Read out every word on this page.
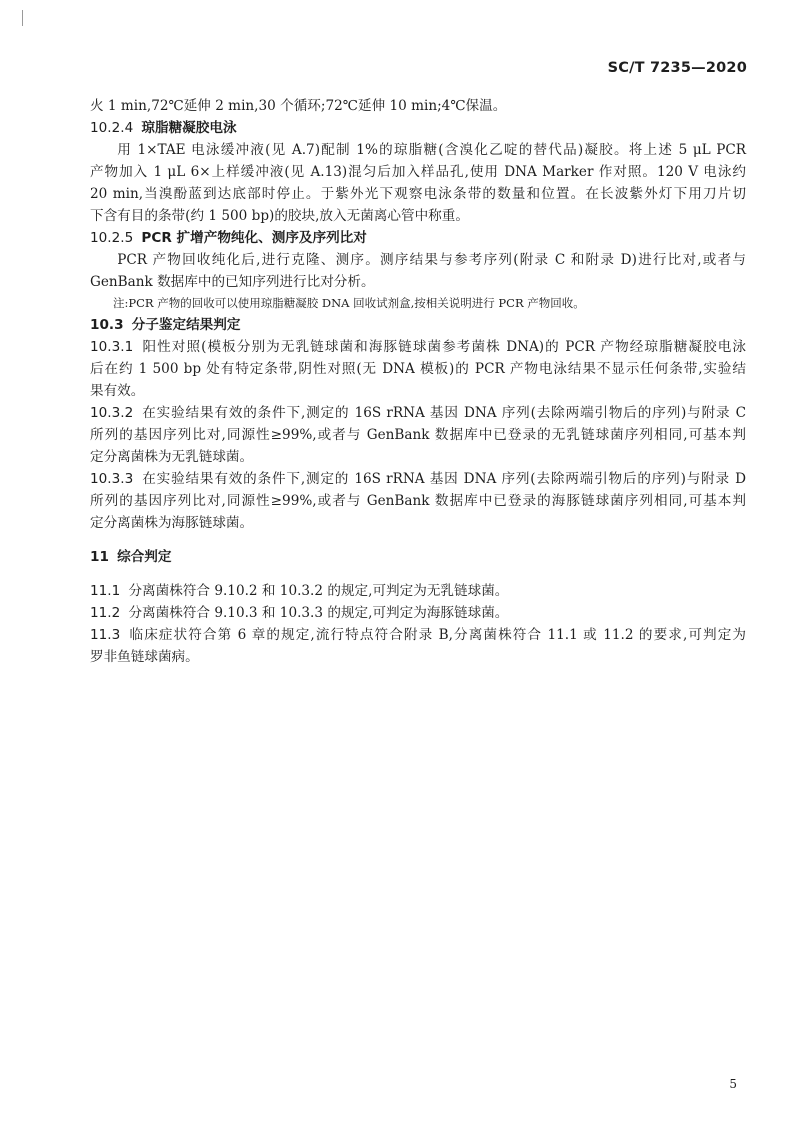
SC/T 7235—2020

火 1 min,72℃延伸 2 min,30 个循环;72℃延伸 10 min;4℃保温。

10.2.4 琼脂糖凝胶电泳

用 1×TAE 电泳缓冲液(见 A.7)配制 1%的琼脂糖(含溴化乙啶的替代品)凝胶。将上述 5 μL PCR
产物加入 1 μL 6×上样缓冲液(见 A.13)混匀后加入样品孔,使用 DNA Marker 作对照。120 V 电泳约
20 min,当溴酚蓝到达底部时停止。于紫外光下观察电泳条带的数量和位置。在长波紫外灯下用刀片切
下含有目的条带(约 1 500 bp)的胶块,放入无菌离心管中称重。

10.2.5 PCR 扩增产物纯化、测序及序列比对

PCR 产物回收纯化后,进行克隆、测序。测序结果与参考序列(附录 C 和附录 D)进行比对,或者与
GenBank 数据库中的已知序列进行比对分析。

注:PCR 产物的回收可以使用琼脂糖凝胶 DNA 回收试剂盒,按相关说明进行 PCR 产物回收。

10.3 分子鉴定结果判定

10.3.1 阳性对照(模板分别为无乳链球菌和海豚链球菌参考菌株 DNA)的 PCR 产物经琼脂糖凝胶电泳
后在约 1 500 bp 处有特定条带,阴性对照(无 DNA 模板)的 PCR 产物电泳结果不显示任何条带,实验结
果有效。

10.3.2 在实验结果有效的条件下,测定的 16S rRNA 基因 DNA 序列(去除两端引物后的序列)与附录 C
所列的基因序列比对,同源性≥99%,或者与 GenBank 数据库中已登录的无乳链球菌序列相同,可基本判
定分离菌株为无乳链球菌。

10.3.3 在实验结果有效的条件下,测定的 16S rRNA 基因 DNA 序列(去除两端引物后的序列)与附录 D
所列的基因序列比对,同源性≥99%,或者与 GenBank 数据库中已登录的海豚链球菌序列相同,可基本判
定分离菌株为海豚链球菌。

11 综合判定

11.1 分离菌株符合 9.10.2 和 10.3.2 的规定,可判定为无乳链球菌。

11.2 分离菌株符合 9.10.3 和 10.3.3 的规定,可判定为海豚链球菌。

11.3 临床症状符合第 6 章的规定,流行特点符合附录 B,分离菌株符合 11.1 或 11.2 的要求,可判定为
罗非鱼链球菌病。

5
